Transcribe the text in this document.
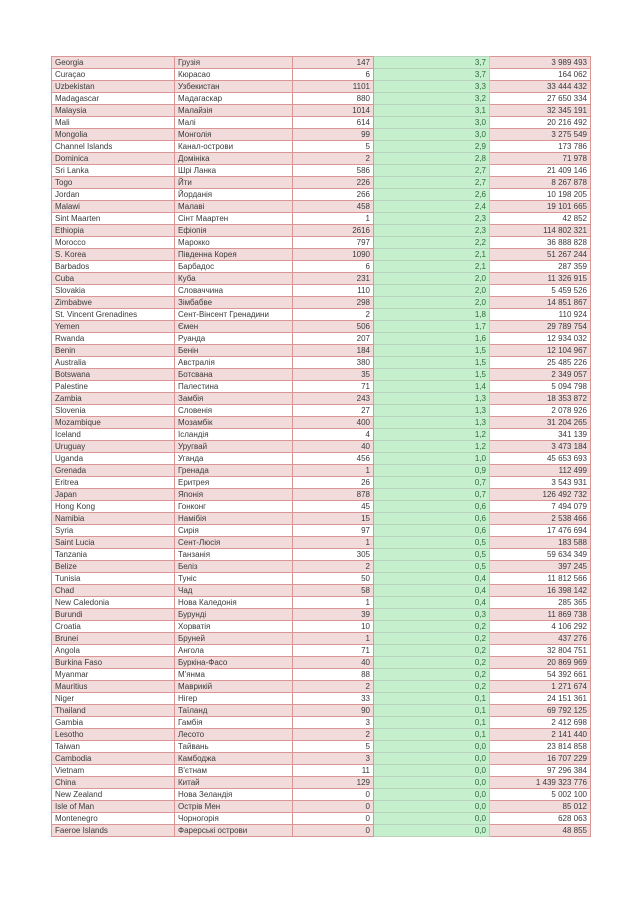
Georgia	Грузія	147	3,7	3 989 493
Curaçao	Кюрасао	6	3,7	164 062
Uzbekistan	Узбекистан	1101	3,3	33 444 432
Madagascar	Мадагаскар	880	3,2	27 650 334
Malaysia	Малайзія	1014	3,1	32 345 191
Mali	Малі	614	3,0	20 216 492
Mongolia	Монголія	99	3,0	3 275 549
Channel Islands	Канал-острови	5	2,9	173 786
Dominica	Домініка	2	2,8	71 978
Sri Lanka	Шрі Ланка	586	2,7	21 409 146
Togo	Йти	226	2,7	8 267 878
Jordan	Йорданія	266	2,6	10 198 205
Malawi	Малаві	458	2,4	19 101 665
Sint Maarten	Сінт Маартен	1	2,3	42 852
Ethiopia	Ефіопія	2616	2,3	114 802 321
Morocco	Марокко	797	2,2	36 888 828
S. Korea	Південна Корея	1090	2,1	51 267 244
Barbados	Барбадос	6	2,1	287 359
Cuba	Куба	231	2,0	11 326 915
Slovakia	Словаччина	110	2,0	5 459 526
Zimbabwe	Зімбабве	298	2,0	14 851 867
St. Vincent Grenadines	Сент-Вінсент Гренадини	2	1,8	110 924
Yemen	Ємен	506	1,7	29 789 754
Rwanda	Руанда	207	1,6	12 934 032
Benin	Бенін	184	1,5	12 104 967
Australia	Австралія	380	1,5	25 485 226
Botswana	Ботсвана	35	1,5	2 349 057
Palestine	Палестина	71	1,4	5 094 798
Zambia	Замбія	243	1,3	18 353 872
Slovenia	Словенія	27	1,3	2 078 926
Mozambique	Мозамбік	400	1,3	31 204 265
Iceland	Ісландія	4	1,2	341 139
Uruguay	Уругвай	40	1,2	3 473 184
Uganda	Уганда	456	1,0	45 653 693
Grenada	Гренада	1	0,9	112 499
Eritrea	Еритрея	26	0,7	3 543 931
Japan	Японія	878	0,7	126 492 732
Hong Kong	Гонконг	45	0,6	7 494 079
Namibia	Намібія	15	0,6	2 538 466
Syria	Сирія	97	0,6	17 476 694
Saint Lucia	Сент-Люсія	1	0,5	183 588
Tanzania	Танзанія	305	0,5	59 634 349
Belize	Беліз	2	0,5	397 245
Tunisia	Туніс	50	0,4	11 812 566
Chad	Чад	58	0,4	16 398 142
New Caledonia	Нова Каледонія	1	0,4	285 365
Burundi	Бурунді	39	0,3	11 869 738
Croatia	Хорватія	10	0,2	4 106 292
Brunei	Бруней	1	0,2	437 276
Angola	Ангола	71	0,2	32 804 751
Burkina Faso	Буркіна-Фасо	40	0,2	20 869 969
Myanmar	М'янма	88	0,2	54 392 661
Mauritius	Маврикій	2	0,2	1 271 674
Niger	Нігер	33	0,1	24 151 361
Thailand	Таїланд	90	0,1	69 792 125
Gambia	Гамбія	3	0,1	2 412 698
Lesotho	Лесото	2	0,1	2 141 440
Taiwan	Тайвань	5	0,0	23 814 858
Cambodia	Камбоджа	3	0,0	16 707 229
Vietnam	В'єтнам	11	0,0	97 296 384
China	Китай	129	0,0	1 439 323 776
New Zealand	Нова Зеландія	0	0,0	5 002 100
Isle of Man	Острів Мен	0	0,0	85 012
Montenegro	Чорногорія	0	0,0	628 063
Faeroe Islands	Фарерські острови	0	0,0	48 855
